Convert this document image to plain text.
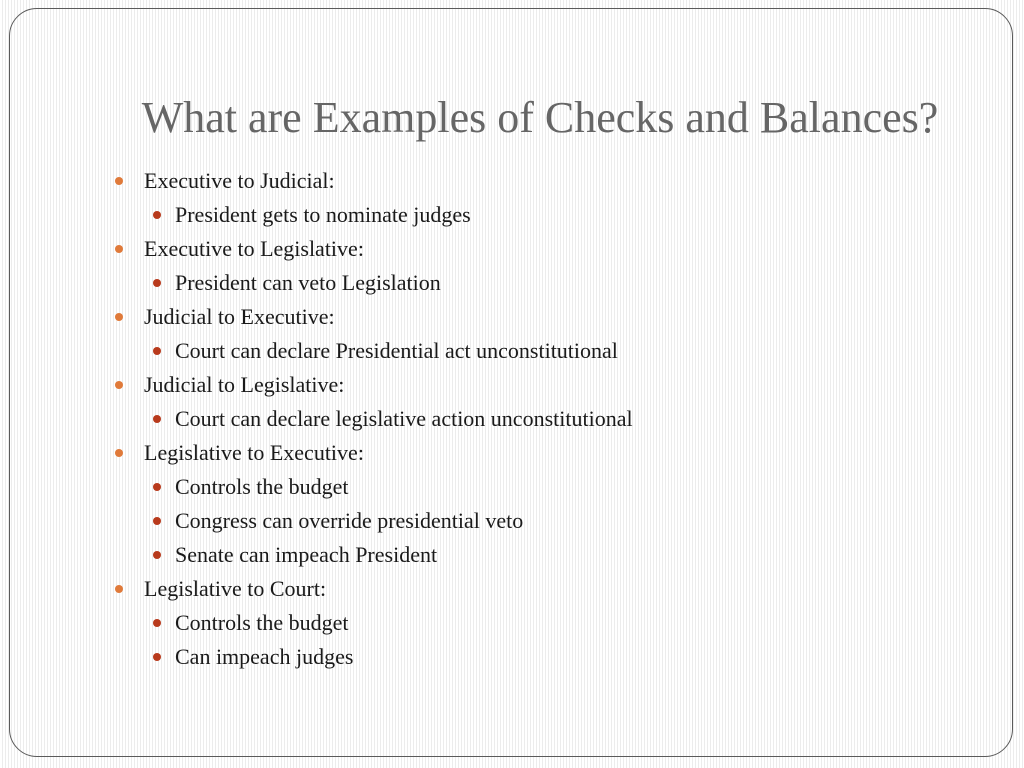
What are Examples of Checks and Balances?
Executive to Judicial:
President gets to nominate judges
Executive to Legislative:
President can veto Legislation
Judicial to Executive:
Court can declare Presidential act unconstitutional
Judicial to Legislative:
Court can declare legislative action unconstitutional
Legislative to Executive:
Controls the budget
Congress can override presidential veto
Senate can impeach President
Legislative to Court:
Controls the budget
Can impeach judges
